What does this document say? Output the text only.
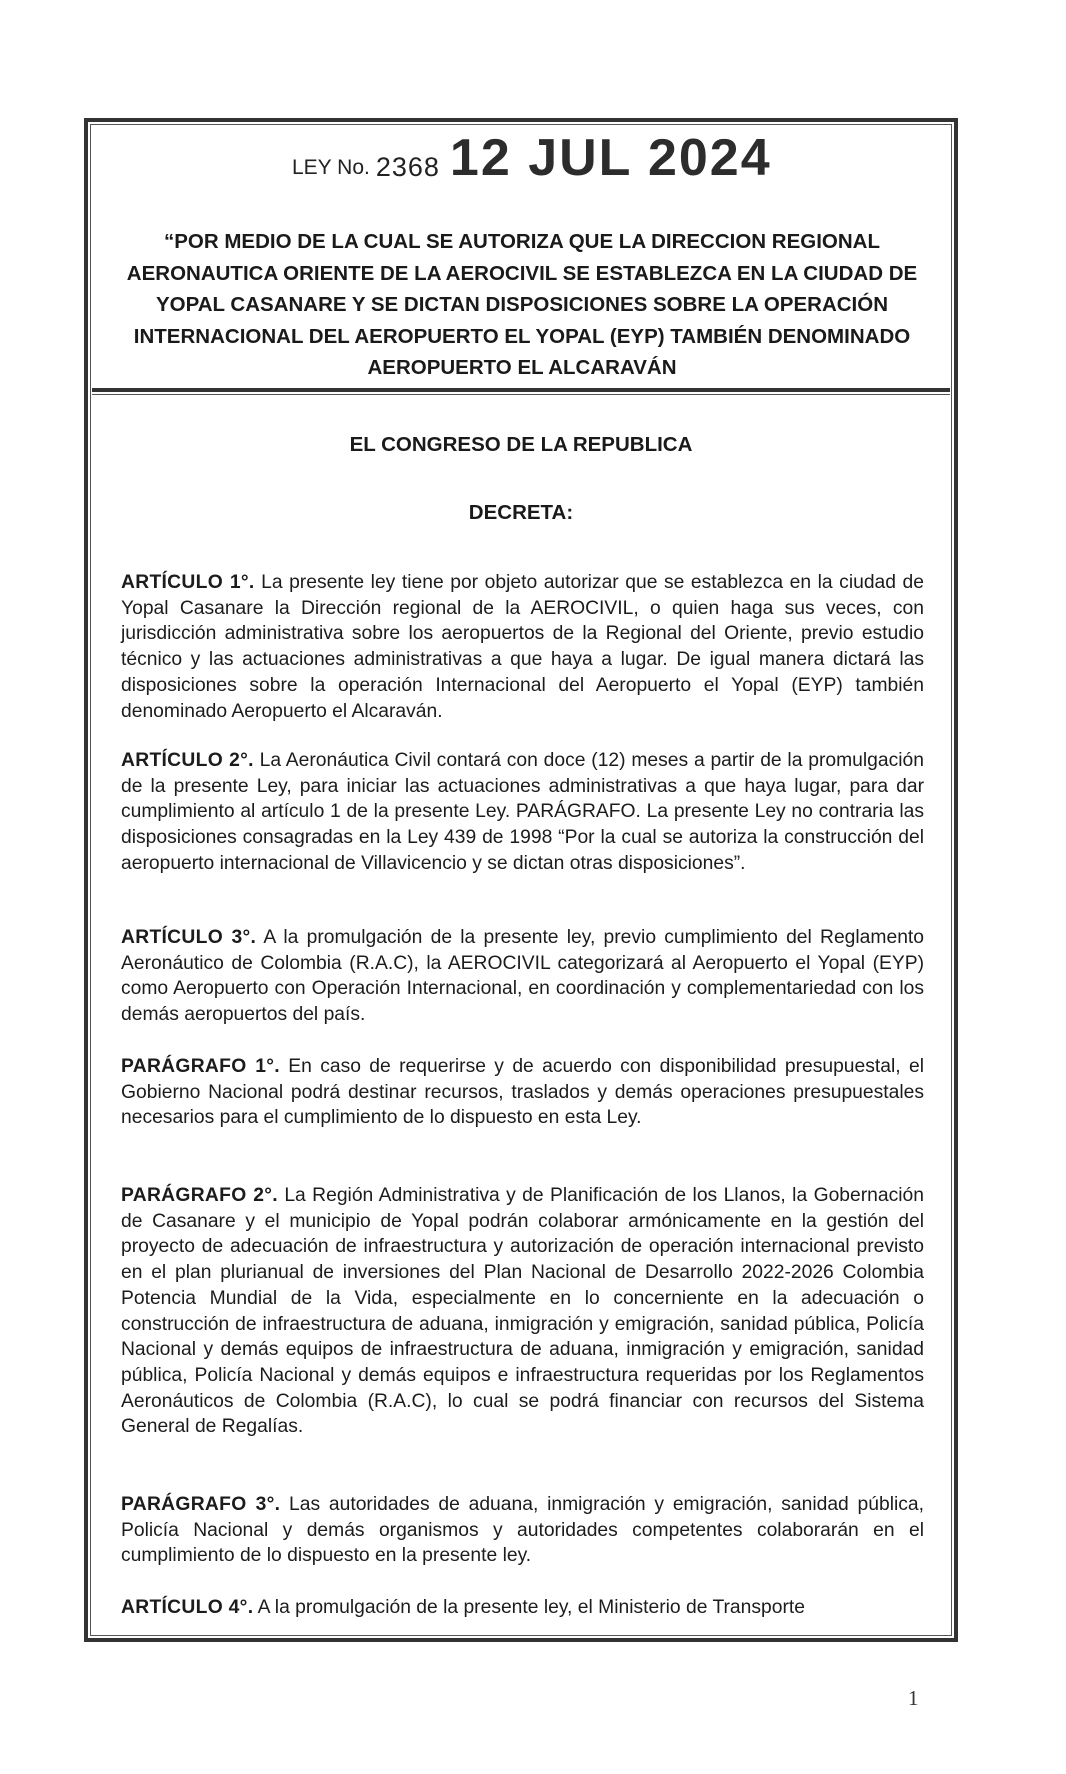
LEY No. 2368 12 JUL 2024
“POR MEDIO DE LA CUAL SE AUTORIZA QUE LA DIRECCION REGIONAL AERONAUTICA ORIENTE DE LA AEROCIVIL SE ESTABLEZCA EN LA CIUDAD DE YOPAL CASANARE Y SE DICTAN DISPOSICIONES SOBRE LA OPERACIÓN INTERNACIONAL DEL AEROPUERTO EL YOPAL (EYP) TAMBIÉN DENOMINADO AEROPUERTO EL ALCARAVÁN
EL CONGRESO DE LA REPUBLICA
DECRETA:

ARTÍCULO 1°. La presente ley tiene por objeto autorizar que se establezca en la ciudad de Yopal Casanare la Dirección regional de la AEROCIVIL, o quien haga sus veces, con jurisdicción administrativa sobre los aeropuertos de la Regional del Oriente, previo estudio técnico y las actuaciones administrativas a que haya a lugar. De igual manera dictará las disposiciones sobre la operación Internacional del Aeropuerto el Yopal (EYP) también denominado Aeropuerto el Alcaraván.

ARTÍCULO 2°. La Aeronáutica Civil contará con doce (12) meses a partir de la promulgación de la presente Ley, para iniciar las actuaciones administrativas a que haya lugar, para dar cumplimiento al artículo 1 de la presente Ley. PARÁGRAFO. La presente Ley no contraria las disposiciones consagradas en la Ley 439 de 1998 “Por la cual se autoriza la construcción del aeropuerto internacional de Villavicencio y se dictan otras disposiciones”.

ARTÍCULO 3°. A la promulgación de la presente ley, previo cumplimiento del Reglamento Aeronáutico de Colombia (R.A.C), la AEROCIVIL categorizará al Aeropuerto el Yopal (EYP) como Aeropuerto con Operación Internacional, en coordinación y complementariedad con los demás aeropuertos del país.

PARÁGRAFO 1°. En caso de requerirse y de acuerdo con disponibilidad presupuestal, el Gobierno Nacional podrá destinar recursos, traslados y demás operaciones presupuestales necesarios para el cumplimiento de lo dispuesto en esta Ley.

PARÁGRAFO 2°. La Región Administrativa y de Planificación de los Llanos, la Gobernación de Casanare y el municipio de Yopal podrán colaborar armónicamente en la gestión del proyecto de adecuación de infraestructura y autorización de operación internacional previsto en el plan plurianual de inversiones del Plan Nacional de Desarrollo 2022-2026 Colombia Potencia Mundial de la Vida, especialmente en lo concerniente en la adecuación o construcción de infraestructura de aduana, inmigración y emigración, sanidad pública, Policía Nacional y demás equipos de infraestructura de aduana, inmigración y emigración, sanidad pública, Policía Nacional y demás equipos e infraestructura requeridas por los Reglamentos Aeronáuticos de Colombia (R.A.C), lo cual se podrá financiar con recursos del Sistema General de Regalías.

PARÁGRAFO 3°. Las autoridades de aduana, inmigración y emigración, sanidad pública, Policía Nacional y demás organismos y autoridades competentes colaborarán en el cumplimiento de lo dispuesto en la presente ley.

ARTÍCULO 4°. A la promulgación de la presente ley, el Ministerio de Transporte

1
